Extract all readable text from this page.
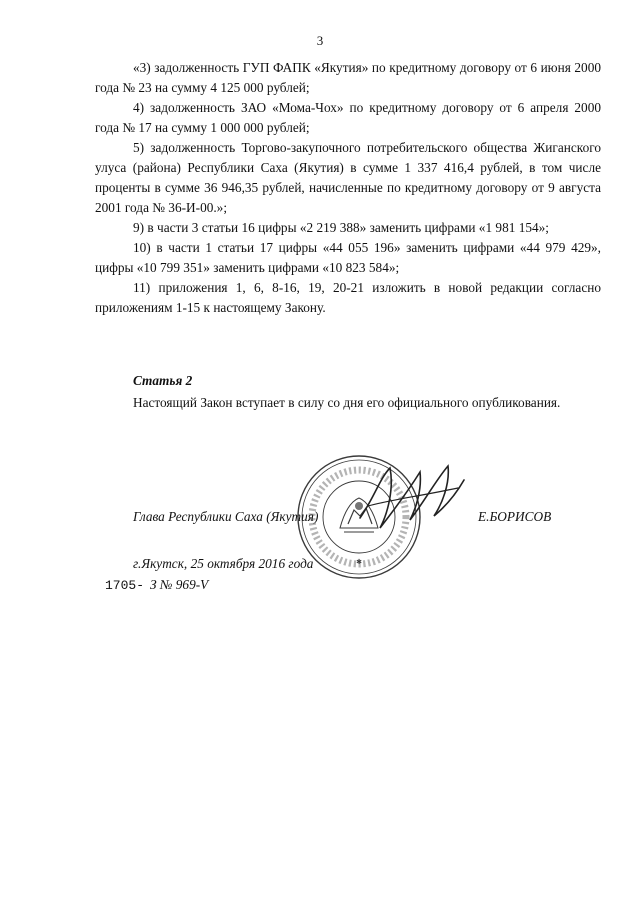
3

«3) задолженность ГУП ФАПК «Якутия» по кредитному договору от 6 июня 2000 года № 23 на сумму 4 125 000 рублей;

4) задолженность ЗАО «Мома-Чох» по кредитному договору от 6 апреля 2000 года № 17 на сумму 1 000 000 рублей;

5) задолженность Торгово-закупочного потребительского общества Жиганского улуса (района) Республики Саха (Якутия) в сумме 1 337 416,4 рублей, в том числе проценты в сумме 36 946,35 рублей, начисленные по кредитному договору от 9 августа 2001 года № 36-И-00.»;

9) в части 3 статьи 16 цифры «2 219 388» заменить цифрами «1 981 154»;

10) в части 1 статьи 17 цифры «44 055 196» заменить цифрами «44 979 429», цифры «10 799 351» заменить цифрами «10 823 584»;

11) приложения 1, 6, 8-16, 19, 20-21 изложить в новой редакции согласно приложениям 1-15 к настоящему Закону.

Статья 2
Настоящий Закон вступает в силу со дня его официального опубликования.
✱
Глава Республики Саха (Якутия)	Е.БОРИСОВ
г.Якутск, 25 октября 2016 года
1705- З № 969-V
